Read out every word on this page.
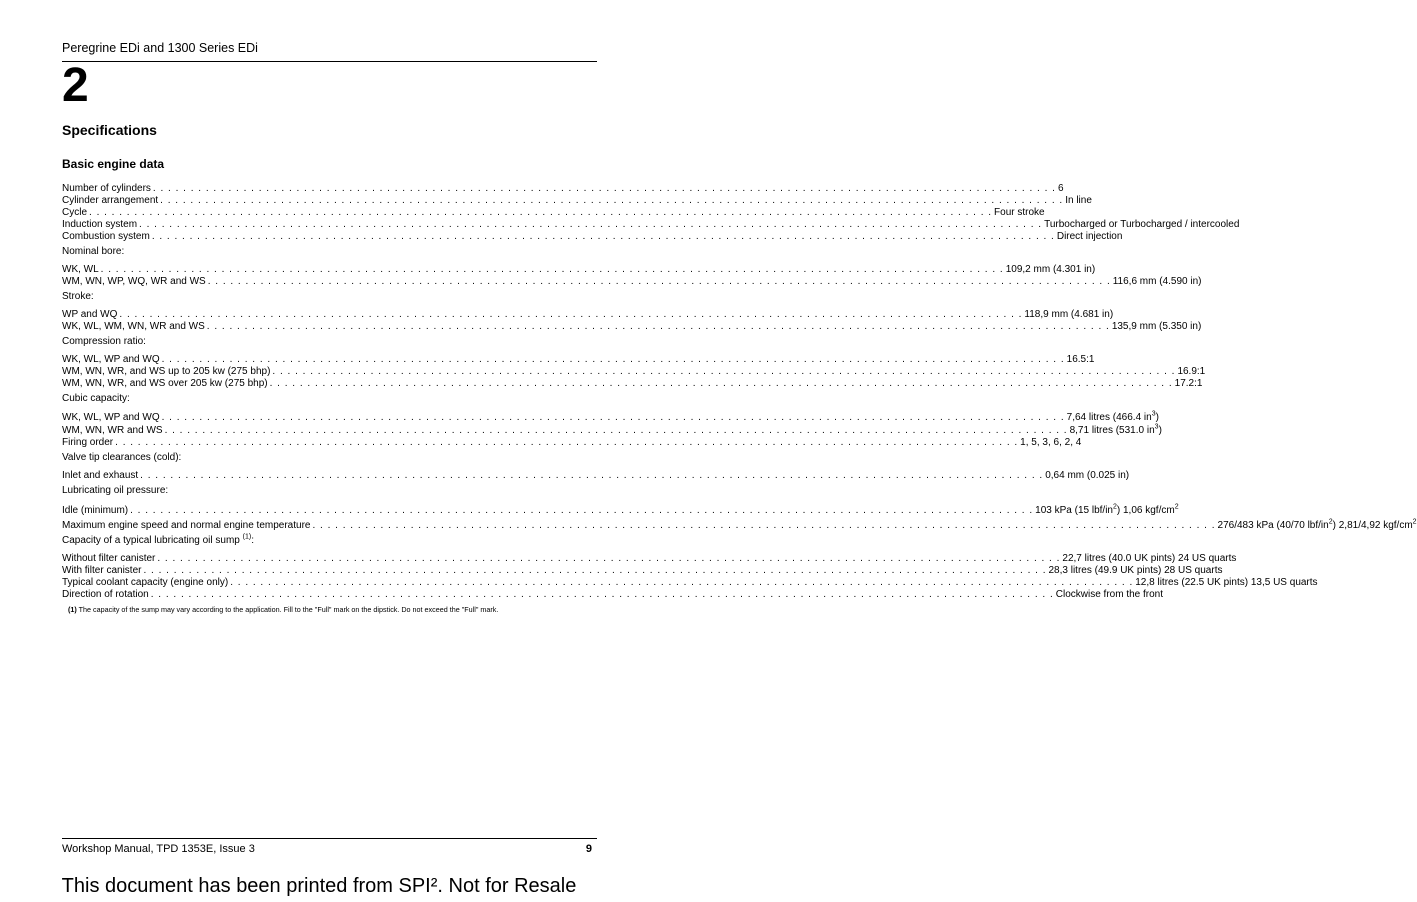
Peregrine EDi and 1300 Series EDi
2
Specifications
Basic engine data
Number of cylinders . . . . . . . . . . . . . . . . . . . . . . . . . . . . . . . . . . . . . . . . . . . . . . . . . . . . . . . . . . . . . . . . . . . . . . . . . . . . . . . . . . . . . . . . . . . . . . . . . . . . . . . . . . . . . . . . . . . . . . . . 6
Cylinder arrangement . . . . . . . . . . . . . . . . . . . . . . . . . . . . . . . . . . . . . . . . . . . . . . . . . . . . . . . . . . . . . . . . . . . . . . . . . . . . . . . . . . . . . . . . . . . . . . . . . . . . . . . . . . . . . . . . . . . . . . . . In line
Cycle . . . . . . . . . . . . . . . . . . . . . . . . . . . . . . . . . . . . . . . . . . . . . . . . . . . . . . . . . . . . . . . . . . . . . . . . . . . . . . . . . . . . . . . . . . . . . . . . . . . . . . . . . . . . . . . . . . . . . . . . Four stroke
Induction system . . . . . . . . . . . . . . . . . . . . . . . . . . . . . . . . . . . . . . . . . . . . . . . . . . . . . . . . . . . . . . . . . . . . . . . . . . . . . . . . . . . . . . . . . . . . . . . . . . . . . . . . . . . . . . . . . . . . . . . . Turbocharged or Turbocharged / intercooled
Combustion system . . . . . . . . . . . . . . . . . . . . . . . . . . . . . . . . . . . . . . . . . . . . . . . . . . . . . . . . . . . . . . . . . . . . . . . . . . . . . . . . . . . . . . . . . . . . . . . . . . . . . . . . . . . . . . . . . . . . . . . . Direct injection
Nominal bore:
WK, WL . . . . . . . . . . . . . . . . . . . . . . . . . . . . . . . . . . . . . . . . . . . . . . . . . . . . . . . . . . . . . . . . . . . . . . . . . . . . . . . . . . . . . . . . . . . . . . . . . . . . . . . . . . . . . . . . . . . . . . . . 109,2 mm (4.301 in)
WM, WN, WP, WQ, WR and WS . . . . . . . . . . . . . . . . . . . . . . . . . . . . . . . . . . . . . . . . . . . . . . . . . . . . . . . . . . . . . . . . . . . . . . . . . . . . . . . . . . . . . . . . . . . . . . . . . . . . . . . . . . . . . . . . . . . . . . . . 116,6 mm (4.590 in)
Stroke:
WP and WQ . . . . . . . . . . . . . . . . . . . . . . . . . . . . . . . . . . . . . . . . . . . . . . . . . . . . . . . . . . . . . . . . . . . . . . . . . . . . . . . . . . . . . . . . . . . . . . . . . . . . . . . . . . . . . . . . . . . . . . . . 118,9 mm (4.681 in)
WK, WL, WM, WN, WR and WS . . . . . . . . . . . . . . . . . . . . . . . . . . . . . . . . . . . . . . . . . . . . . . . . . . . . . . . . . . . . . . . . . . . . . . . . . . . . . . . . . . . . . . . . . . . . . . . . . . . . . . . . . . . . . . . . . . . . . . . . 135,9 mm (5.350 in)
Compression ratio:
WK, WL, WP and WQ . . . . . . . . . . . . . . . . . . . . . . . . . . . . . . . . . . . . . . . . . . . . . . . . . . . . . . . . . . . . . . . . . . . . . . . . . . . . . . . . . . . . . . . . . . . . . . . . . . . . . . . . . . . . . . . . . . . . . . . . 16.5:1
WM, WN, WR, and WS up to 205 kw (275 bhp) . . . . . . . . . . . . . . . . . . . . . . . . . . . . . . . . . . . . . . . . . . . . . . . . . . . . . . . . . . . . . . . . . . . . . . . . . . . . . . . . . . . . . . . . . . . . . . . . . . . . . . . . . . . . . . . . . . . . . . . . 16.9:1
WM, WN, WR, and WS over 205 kw (275 bhp) . . . . . . . . . . . . . . . . . . . . . . . . . . . . . . . . . . . . . . . . . . . . . . . . . . . . . . . . . . . . . . . . . . . . . . . . . . . . . . . . . . . . . . . . . . . . . . . . . . . . . . . . . . . . . . . . . . . . . . . . 17.2:1
Cubic capacity:
WK, WL, WP and WQ . . . . . . . . . . . . . . . . . . . . . . . . . . . . . . . . . . . . . . . . . . . . . . . . . . . . . . . . . . . . . . . . . . . . . . . . . . . . . . . . . . . . . . . . . . . . . . . . . . . . . . . . . . . . . . . . . . . . . . . . 7,64 litres (466.4 $in^3$)
WM, WN, WR and WS . . . . . . . . . . . . . . . . . . . . . . . . . . . . . . . . . . . . . . . . . . . . . . . . . . . . . . . . . . . . . . . . . . . . . . . . . . . . . . . . . . . . . . . . . . . . . . . . . . . . . . . . . . . . . . . . . . . . . . . . 8,71 litres (531.0 $in^3$)
Firing order . . . . . . . . . . . . . . . . . . . . . . . . . . . . . . . . . . . . . . . . . . . . . . . . . . . . . . . . . . . . . . . . . . . . . . . . . . . . . . . . . . . . . . . . . . . . . . . . . . . . . . . . . . . . . . . . . . . . . . . . 1, 5, 3, 6, 2, 4
Valve tip clearances (cold):
Inlet and exhaust . . . . . . . . . . . . . . . . . . . . . . . . . . . . . . . . . . . . . . . . . . . . . . . . . . . . . . . . . . . . . . . . . . . . . . . . . . . . . . . . . . . . . . . . . . . . . . . . . . . . . . . . . . . . . . . . . . . . . . . . 0,64 mm (0.025 in)
Lubricating oil pressure:
Idle (minimum) . . . . . . . . . . . . . . . . . . . . . . . . . . . . . . . . . . . . . . . . . . . . . . . . . . . . . . . . . . . . . . . . . . . . . . . . . . . . . . . . . . . . . . . . . . . . . . . . . . . . . . . . . . . . . . . . . . . . . . . . 103 kPa (15 lbf/$in^2$) 1,06 kgf/$cm^2$
Maximum engine speed and normal engine temperature . . . . . . . . . . . . . . . . . . . . . . . . . . . . . . . . . . . . . . . . . . . . . . . . . . . . . . . . . . . . . . . . . . . . . . . . . . . . . . . . . . . . . . . . . . . . . . . . . . . . . . . . . . . . . . . . . . . . . . . . 276/483 kPa (40/70 lbf/$in^2$) 2,81/4,92 kgf/$cm^2$
Capacity of a typical lubricating oil sump $^{(1)}$:
Without filter canister . . . . . . . . . . . . . . . . . . . . . . . . . . . . . . . . . . . . . . . . . . . . . . . . . . . . . . . . . . . . . . . . . . . . . . . . . . . . . . . . . . . . . . . . . . . . . . . . . . . . . . . . . . . . . . . . . . . . . . . . 22,7 litres (40.0 UK pints) 24 US quarts
With filter canister . . . . . . . . . . . . . . . . . . . . . . . . . . . . . . . . . . . . . . . . . . . . . . . . . . . . . . . . . . . . . . . . . . . . . . . . . . . . . . . . . . . . . . . . . . . . . . . . . . . . . . . . . . . . . . . . . . . . . . . . 28,3 litres (49.9 UK pints) 28 US quarts
Typical coolant capacity (engine only) . . . . . . . . . . . . . . . . . . . . . . . . . . . . . . . . . . . . . . . . . . . . . . . . . . . . . . . . . . . . . . . . . . . . . . . . . . . . . . . . . . . . . . . . . . . . . . . . . . . . . . . . . . . . . . . . . . . . . . . . 12,8 litres (22.5 UK pints) 13,5 US quarts
Direction of rotation . . . . . . . . . . . . . . . . . . . . . . . . . . . . . . . . . . . . . . . . . . . . . . . . . . . . . . . . . . . . . . . . . . . . . . . . . . . . . . . . . . . . . . . . . . . . . . . . . . . . . . . . . . . . . . . . . . . . . . . . Clockwise from the front
(1) The capacity of the sump may vary according to the application. Fill to the "Full" mark on the dipstick. Do not exceed the "Full" mark.
Workshop Manual, TPD 1353E, Issue 3	9
This document has been printed from SPI². Not for Resale
